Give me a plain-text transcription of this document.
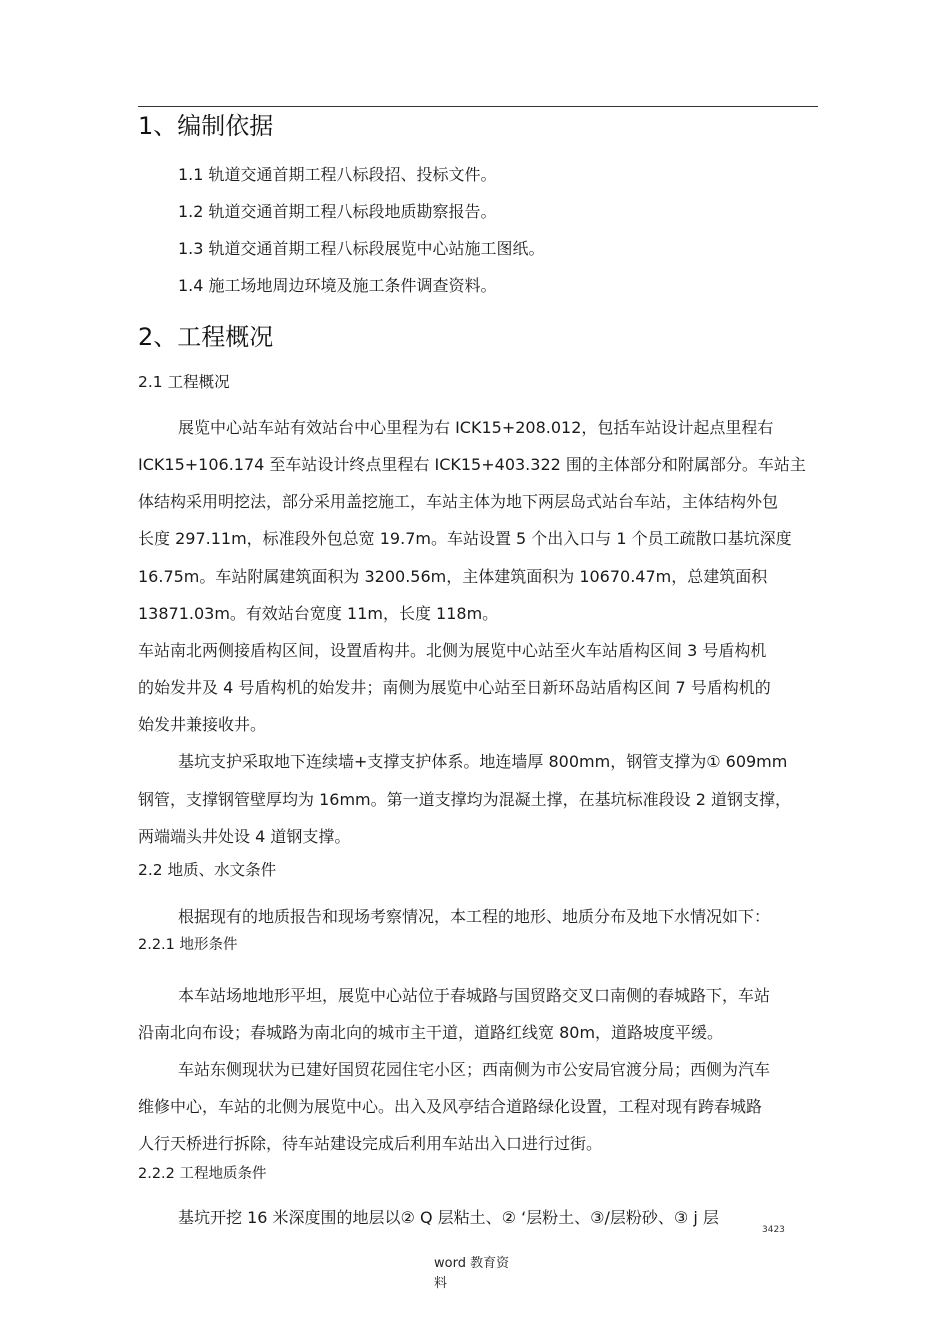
1、编制依据
1.1 轨道交通首期工程八标段招、投标文件。
1.2 轨道交通首期工程八标段地质勘察报告。
1.3 轨道交通首期工程八标段展览中心站施工图纸。
1.4 施工场地周边环境及施工条件调查资料。
2、工程概况
2.1 工程概况
展览中心站车站有效站台中心里程为右 ICK15+208.012，包括车站设计起点里程右
ICK15+106.174 至车站设计终点里程右 ICK15+403.322 围的主体部分和附属部分。车站主
体结构采用明挖法，部分采用盖挖施工，车站主体为地下两层岛式站台车站，主体结构外包
长度 297.11m，标准段外包总宽 19.7m。车站设置 5 个出入口与 1 个员工疏散口基坑深度
16.75m。车站附属建筑面积为 3200.56m，主体建筑面积为 10670.47m，总建筑面积
13871.03m。有效站台宽度 11m，长度 118m。
车站南北两侧接盾构区间，设置盾构井。北侧为展览中心站至火车站盾构区间 3 号盾构机
的始发井及 4 号盾构机的始发井；南侧为展览中心站至日新环岛站盾构区间 7 号盾构机的
始发井兼接收井。
基坑支护采取地下连续墙+支撑支护体系。地连墙厚 800mm，钢管支撑为① 609mm
钢管，支撑钢管壁厚均为 16mm。第一道支撑均为混凝土撑，在基坑标准段设 2 道钢支撑，
两端端头井处设 4 道钢支撑。
2.2 地质、水文条件
根据现有的地质报告和现场考察情况，本工程的地形、地质分布及地下水情况如下：
2.2.1 地形条件
本车站场地地形平坦，展览中心站位于春城路与国贸路交叉口南侧的春城路下，车站
沿南北向布设；春城路为南北向的城市主干道，道路红线宽 80m，道路坡度平缓。
车站东侧现状为已建好国贸花园住宅小区；西南侧为市公安局官渡分局；西侧为汽车
维修中心，车站的北侧为展览中心。出入及风亭结合道路绿化设置，工程对现有跨春城路
人行天桥进行拆除，待车站建设完成后利用车站出入口进行过街。
2.2.2 工程地质条件
基坑开挖 16 米深度围的地层以② Q 层粘土、② ‘层粉土、③/层粉砂、③ j 层
3423
word 教育资
料
